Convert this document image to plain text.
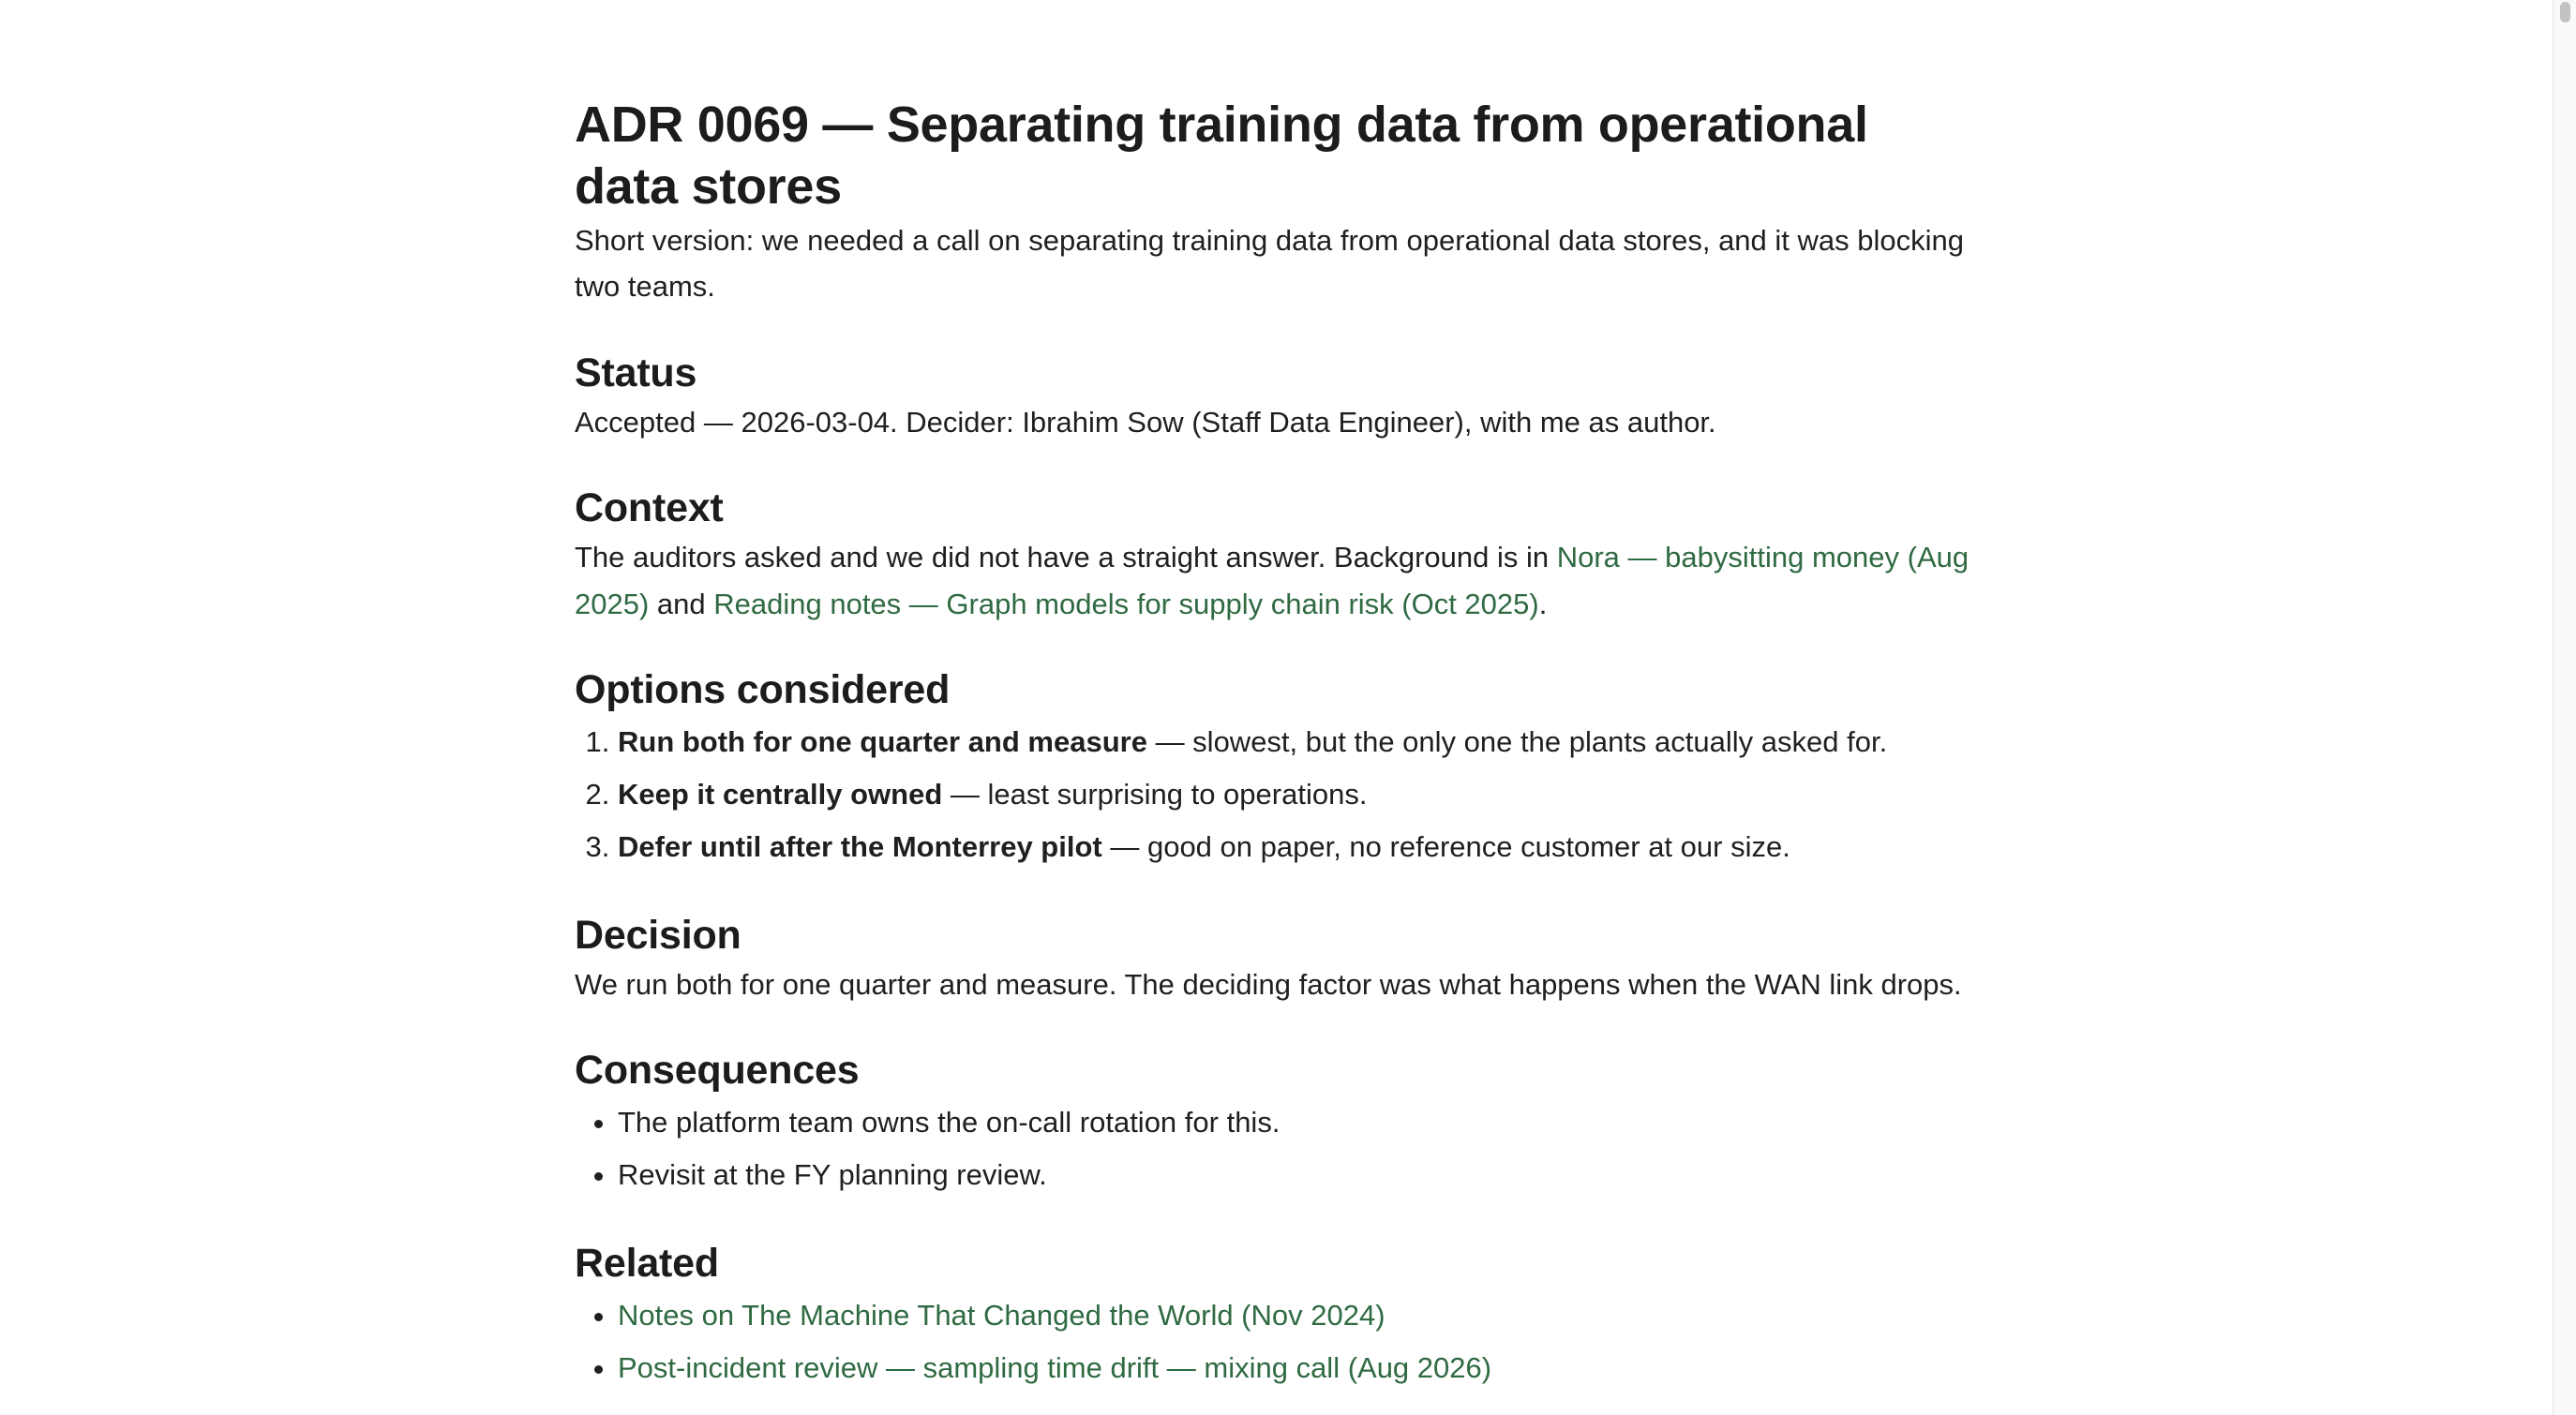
ADR 0069 — Separating training data from operational data stores

Short version: we needed a call on separating training data from operational data stores, and it was blocking two teams.

Status

Accepted — 2026-03-04. Decider: Ibrahim Sow (Staff Data Engineer), with me as author.

Context

The auditors asked and we did not have a straight answer. Background is in Nora — babysitting money (Aug 2025) and Reading notes — Graph models for supply chain risk (Oct 2025).

Options considered
1. Run both for one quarter and measure — slowest, but the only one the plants actually asked for.
2. Keep it centrally owned — least surprising to operations.
3. Defer until after the Monterrey pilot — good on paper, no reference customer at our size.
Decision

We run both for one quarter and measure. The deciding factor was what happens when the WAN link drops.

Consequences
• The platform team owns the on-call rotation for this.
• Revisit at the FY planning review.
Related
• Notes on The Machine That Changed the World (Nov 2024)
• Post-incident review — sampling time drift — mixing call (Aug 2026)
